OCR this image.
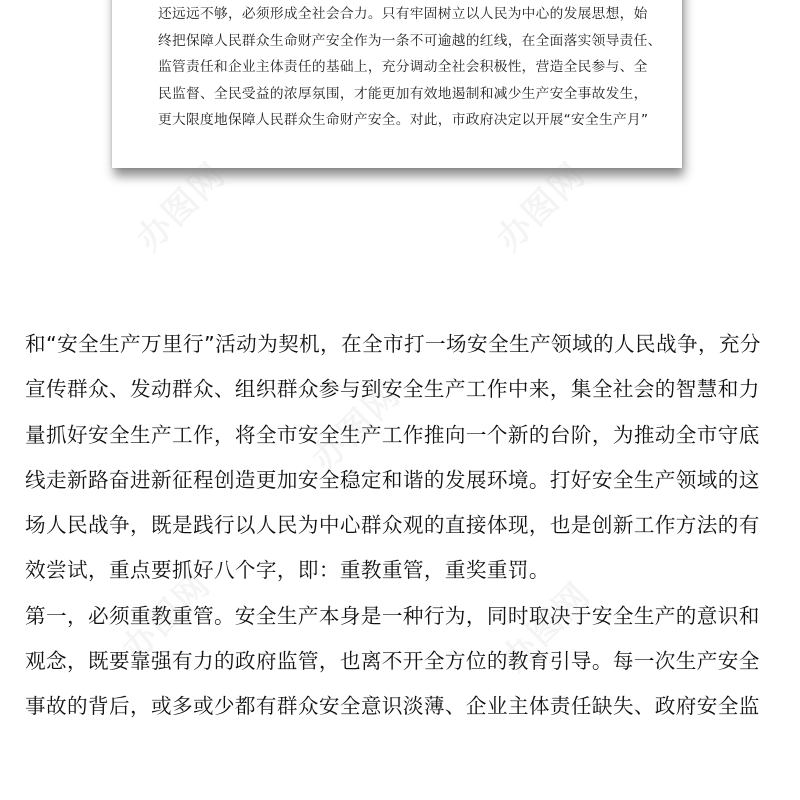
还远远不够，必须形成全社会合力。只有牢固树立以人民为中心的发展思想，始
终把保障人民群众生命财产安全作为一条不可逾越的红线，在全面落实领导责任、
监管责任和企业主体责任的基础上，充分调动全社会积极性，营造全民参与、全
民监督、全民受益的浓厚氛围，才能更加有效地遏制和减少生产安全事故发生，
更大限度地保障人民群众生命财产安全。对此，市政府决定以开展“安全生产月”

和“安全生产万里行”活动为契机，在全市打一场安全生产领域的人民战争，充分
宣传群众、发动群众、组织群众参与到安全生产工作中来，集全社会的智慧和力
量抓好安全生产工作，将全市安全生产工作推向一个新的台阶，为推动全市守底
线走新路奋进新征程创造更加安全稳定和谐的发展环境。打好安全生产领域的这
场人民战争，既是践行以人民为中心群众观的直接体现，也是创新工作方法的有
效尝试，重点要抓好八个字，即：重教重管，重奖重罚。
第一，必须重教重管。安全生产本身是一种行为，同时取决于安全生产的意识和
观念，既要靠强有力的政府监管，也离不开全方位的教育引导。每一次生产安全
事故的背后，或多或少都有群众安全意识淡薄、企业主体责任缺失、政府安全监
办图网	办图网
办图网
办图网	办图网
